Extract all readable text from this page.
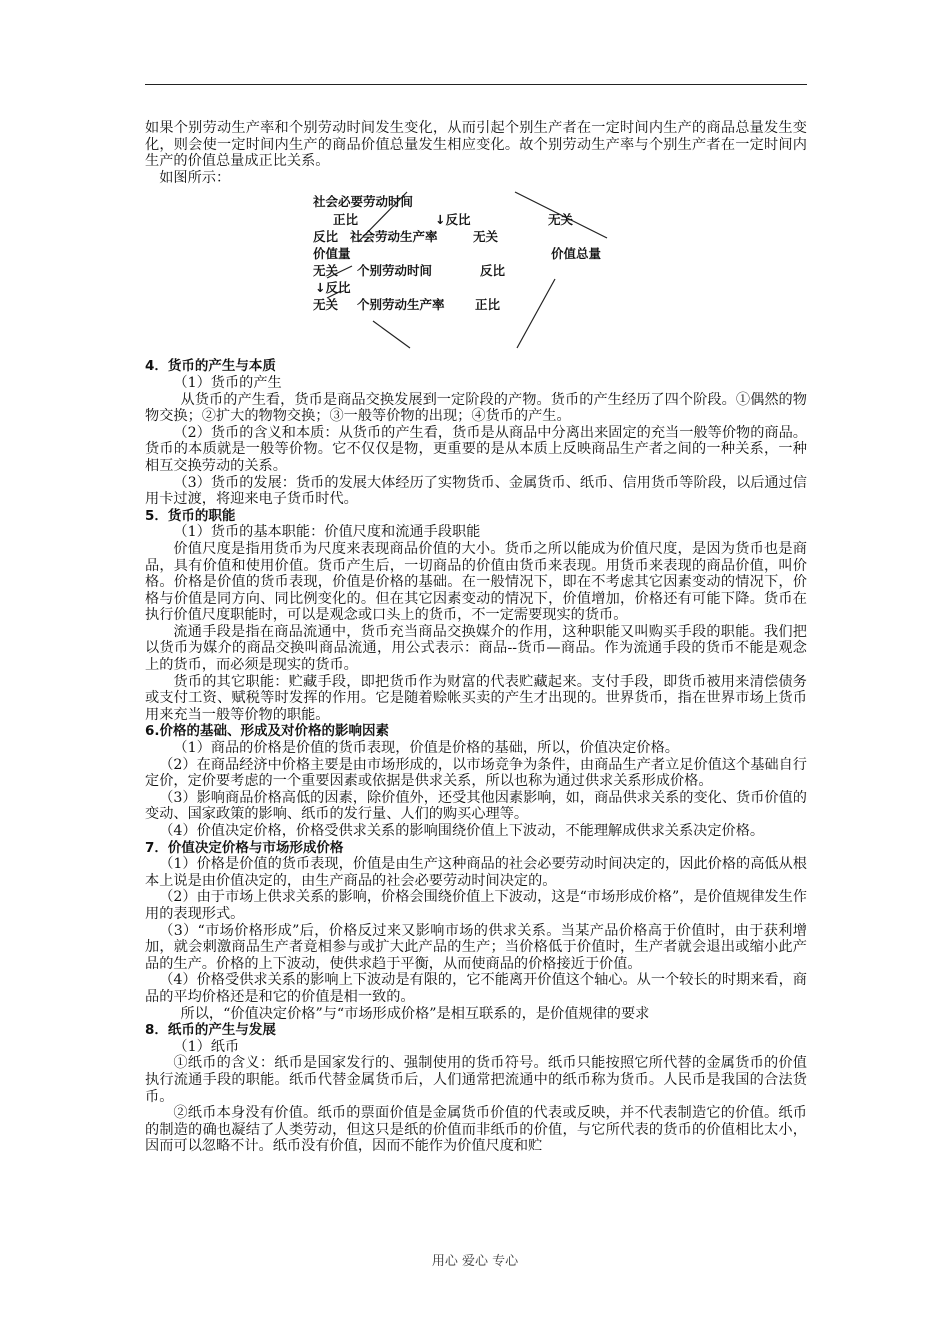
如果个别劳动生产率和个别劳动时间发生变化，从而引起个别生产者在一定时间内生产的商品总量发生变化，则会使一定时间内生产的商品价值总量发生相应变化。故个别劳动生产率与个别生产者在一定时间内生产的价值总量成正比关系。

如图所示：

社会必要劳动时间
正比	↓反比	无关
反比 社会劳动生产率	无关
价值量	价值总量
无关 个别劳动时间	反比
↓反比
无关 个别劳动生产率 正比

4．货币的产生与本质

（1）货币的产生

从货币的产生看，货币是商品交换发展到一定阶段的产物。货币的产生经历了四个阶段。①偶然的物物交换；②扩大的物物交换；③一般等价物的出现；④货币的产生。

（2）货币的含义和本质：从货币的产生看，货币是从商品中分离出来固定的充当一般等价物的商品。货币的本质就是一般等价物。它不仅仅是物，更重要的是从本质上反映商品生产者之间的一种关系，一种相互交换劳动的关系。

（3）货币的发展：货币的发展大体经历了实物货币、金属货币、纸币、信用货币等阶段，以后通过信用卡过渡，将迎来电子货币时代。

5．货币的职能

（1）货币的基本职能：价值尺度和流通手段职能

价值尺度是指用货币为尺度来表现商品价值的大小。货币之所以能成为价值尺度，是因为货币也是商品，具有价值和使用价值。货币产生后，一切商品的价值由货币来表现。用货币来表现的商品价值，叫价格。价格是价值的货币表现，价值是价格的基础。在一般情况下，即在不考虑其它因素变动的情况下，价格与价值是同方向、同比例变化的。但在其它因素变动的情况下，价值增加，价格还有可能下降。货币在执行价值尺度职能时，可以是观念或口头上的货币，不一定需要现实的货币。

流通手段是指在商品流通中，货币充当商品交换媒介的作用，这种职能又叫购买手段的职能。我们把以货币为媒介的商品交换叫商品流通，用公式表示：商品--货币—商品。作为流通手段的货币不能是观念上的货币，而必须是现实的货币。

货币的其它职能：贮藏手段，即把货币作为财富的代表贮藏起来。支付手段，即货币被用来清偿债务或支付工资、赋税等时发挥的作用。它是随着赊帐买卖的产生才出现的。世界货币，指在世界市场上货币用来充当一般等价物的职能。

6.价格的基础、形成及对价格的影响因素

（1）商品的价格是价值的货币表现，价值是价格的基础，所以，价值决定价格。

（2）在商品经济中价格主要是由市场形成的，以市场竞争为条件，由商品生产者立足价值这个基础自行定价，定价要考虑的一个重要因素或依据是供求关系，所以也称为通过供求关系形成价格。

（3）影响商品价格高低的因素，除价值外，还受其他因素影响，如，商品供求关系的变化、货币价值的变动、国家政策的影响、纸币的发行量、人们的购买心理等。

（4）价值决定价格，价格受供求关系的影响围绕价值上下波动，不能理解成供求关系决定价格。

7．价值决定价格与市场形成价格

（1）价格是价值的货币表现，价值是由生产这种商品的社会必要劳动时间决定的，因此价格的高低从根本上说是由价值决定的，由生产商品的社会必要劳动时间决定的。

（2）由于市场上供求关系的影响，价格会围绕价值上下波动，这是“市场形成价格”，是价值规律发生作用的表现形式。

（3）“市场价格形成”后，价格反过来又影响市场的供求关系。当某产品价格高于价值时，由于获利增加，就会刺激商品生产者竟相参与或扩大此产品的生产；当价格低于价值时，生产者就会退出或缩小此产品的生产。价格的上下波动，使供求趋于平衡，从而使商品的价格接近于价值。

（4）价格受供求关系的影响上下波动是有限的，它不能离开价值这个轴心。从一个较长的时期来看，商品的平均价格还是和它的价值是相一致的。

所以，“价值决定价格”与“市场形成价格”是相互联系的，是价值规律的要求

8．纸币的产生与发展

（1）纸币

①纸币的含义：纸币是国家发行的、强制使用的货币符号。纸币只能按照它所代替的金属货币的价值执行流通手段的职能。纸币代替金属货币后，人们通常把流通中的纸币称为货币。人民币是我国的合法货币。

②纸币本身没有价值。纸币的票面价值是金属货币价值的代表或反映，并不代表制造它的价值。纸币的制造的确也凝结了人类劳动，但这只是纸的价值而非纸币的价值，与它所代表的货币的价值相比太小，因而可以忽略不计。纸币没有价值，因而不能作为价值尺度和贮

用心 爱心 专心
